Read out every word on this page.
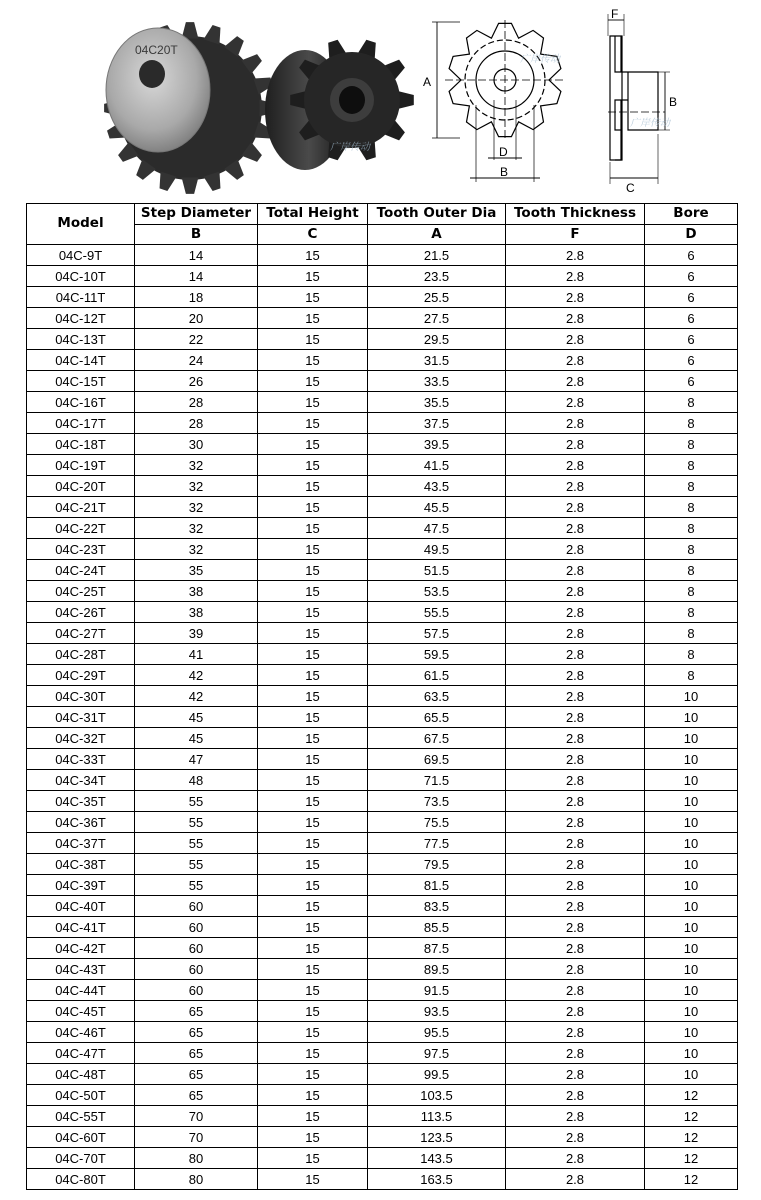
04C20T
广岸传动
A
D
B
广岸传动
F
B
C
广岸传动
Model	Step Diameter	Total Height	Tooth Outer Dia	Tooth Thickness	Bore
	B	C	A	F	D
04C-9T	14	15	21.5	2.8	6
04C-10T	14	15	23.5	2.8	6
04C-11T	18	15	25.5	2.8	6
04C-12T	20	15	27.5	2.8	6
04C-13T	22	15	29.5	2.8	6
04C-14T	24	15	31.5	2.8	6
04C-15T	26	15	33.5	2.8	6
04C-16T	28	15	35.5	2.8	8
04C-17T	28	15	37.5	2.8	8
04C-18T	30	15	39.5	2.8	8
04C-19T	32	15	41.5	2.8	8
04C-20T	32	15	43.5	2.8	8
04C-21T	32	15	45.5	2.8	8
04C-22T	32	15	47.5	2.8	8
04C-23T	32	15	49.5	2.8	8
04C-24T	35	15	51.5	2.8	8
04C-25T	38	15	53.5	2.8	8
04C-26T	38	15	55.5	2.8	8
04C-27T	39	15	57.5	2.8	8
04C-28T	41	15	59.5	2.8	8
04C-29T	42	15	61.5	2.8	8
04C-30T	42	15	63.5	2.8	10
04C-31T	45	15	65.5	2.8	10
04C-32T	45	15	67.5	2.8	10
04C-33T	47	15	69.5	2.8	10
04C-34T	48	15	71.5	2.8	10
04C-35T	55	15	73.5	2.8	10
04C-36T	55	15	75.5	2.8	10
04C-37T	55	15	77.5	2.8	10
04C-38T	55	15	79.5	2.8	10
04C-39T	55	15	81.5	2.8	10
04C-40T	60	15	83.5	2.8	10
04C-41T	60	15	85.5	2.8	10
04C-42T	60	15	87.5	2.8	10
04C-43T	60	15	89.5	2.8	10
04C-44T	60	15	91.5	2.8	10
04C-45T	65	15	93.5	2.8	10
04C-46T	65	15	95.5	2.8	10
04C-47T	65	15	97.5	2.8	10
04C-48T	65	15	99.5	2.8	10
04C-50T	65	15	103.5	2.8	12
04C-55T	70	15	113.5	2.8	12
04C-60T	70	15	123.5	2.8	12
04C-70T	80	15	143.5	2.8	12
04C-80T	80	15	163.5	2.8	12
